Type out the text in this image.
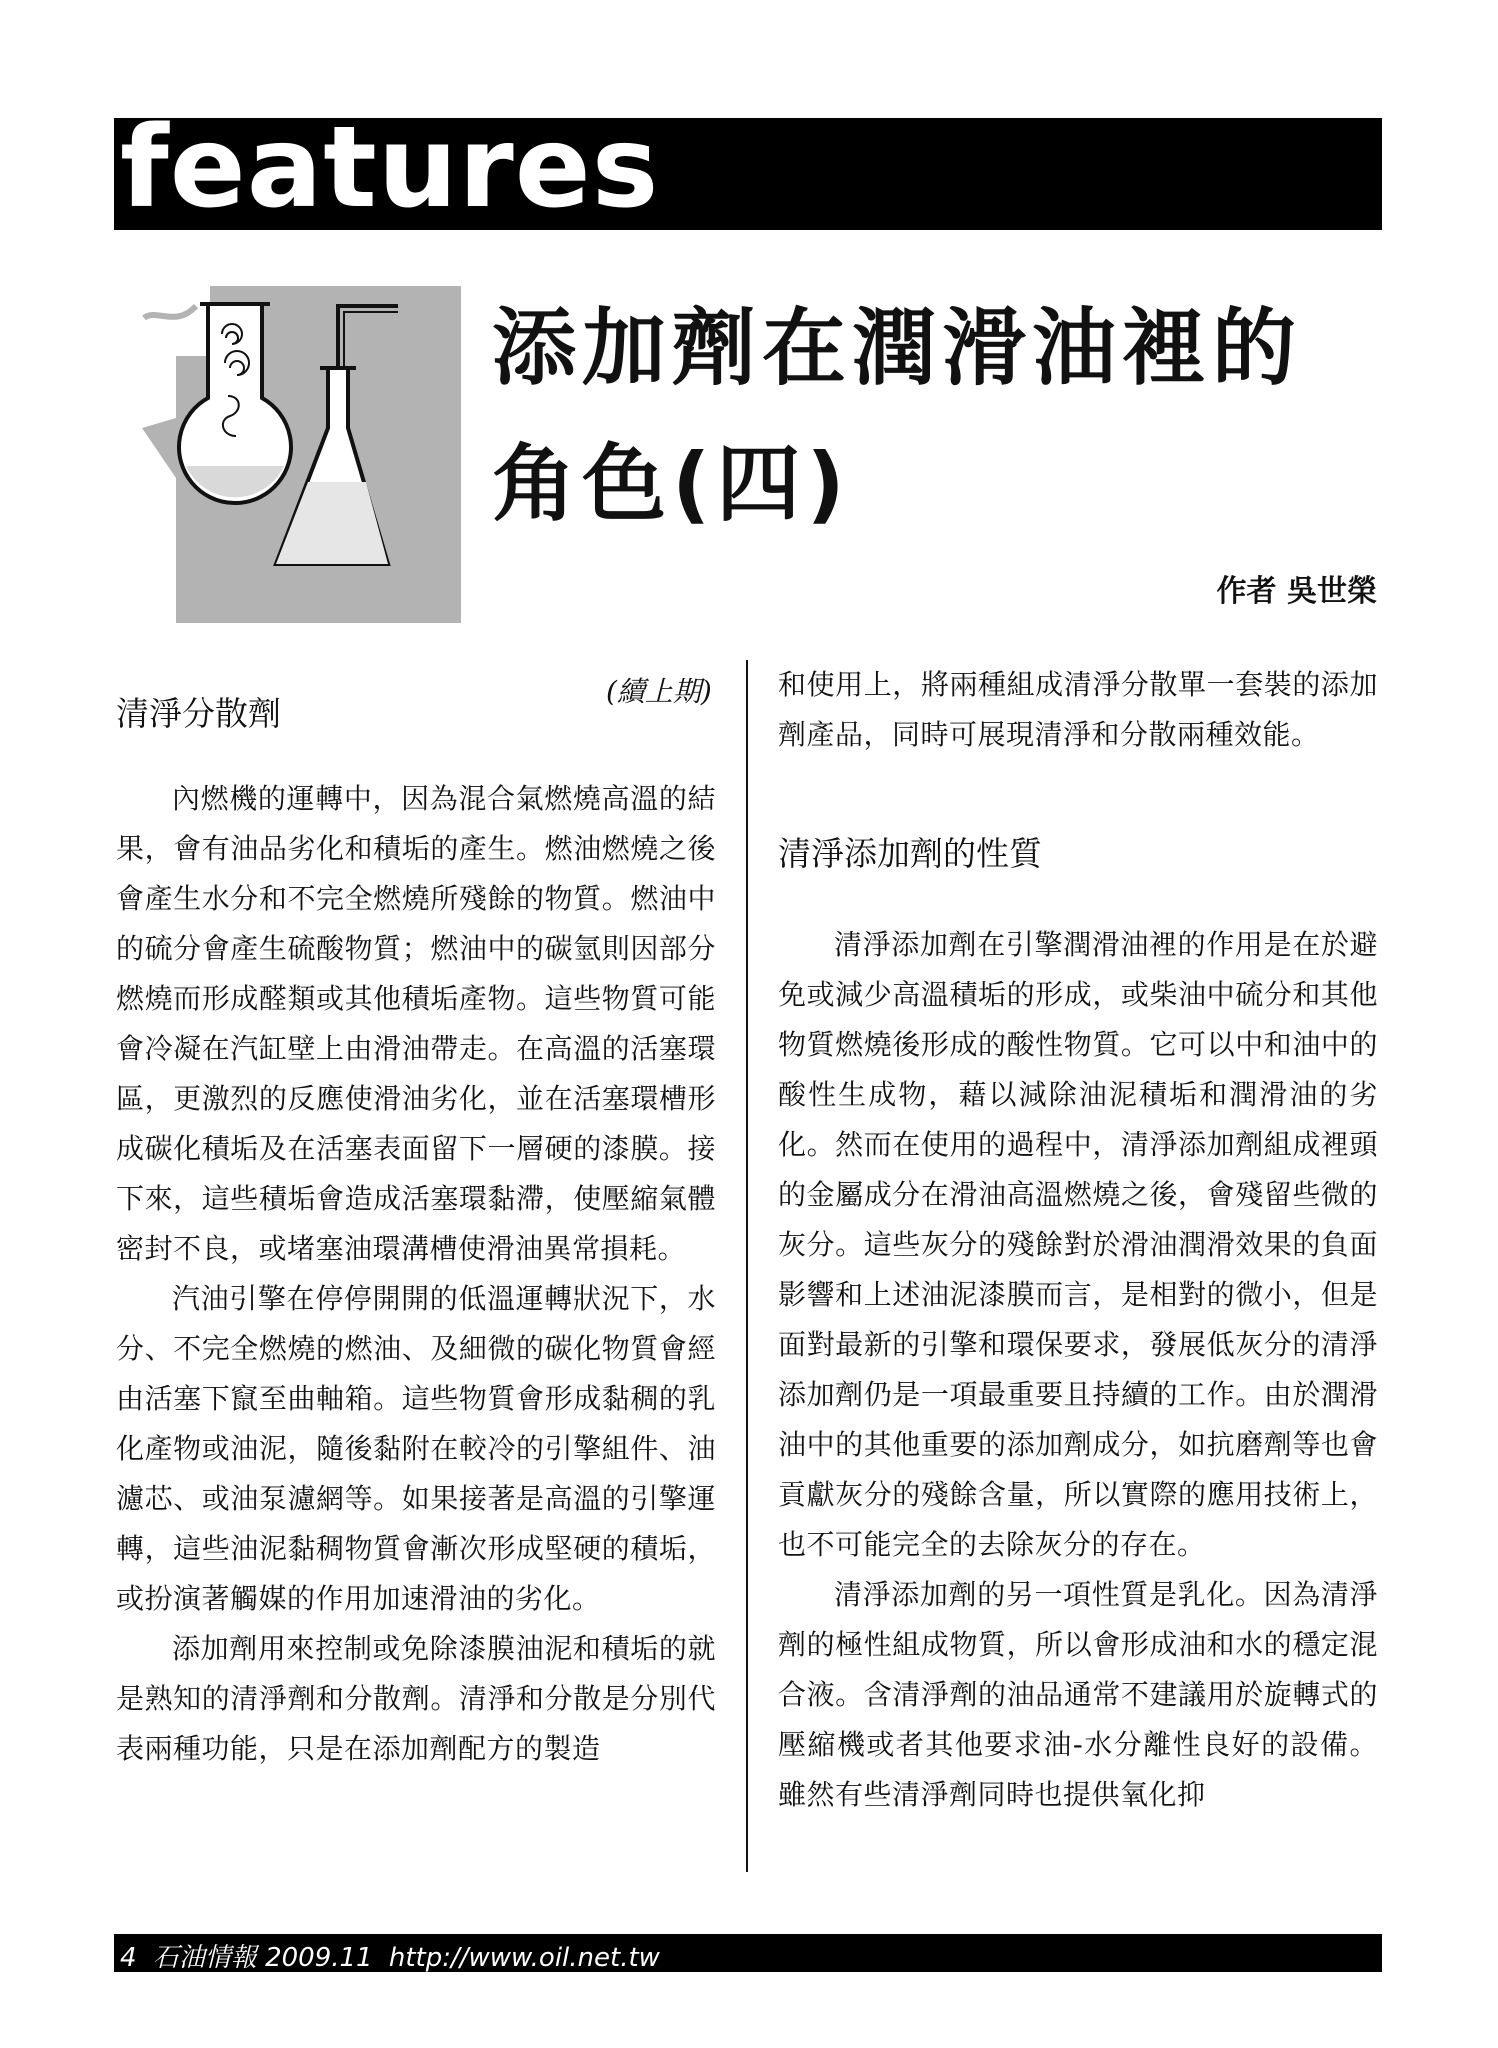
features
添加劑在潤滑油裡的
角色(四)
作者 吳世榮
(續上期)
清淨分散劑

內燃機的運轉中，因為混合氣燃燒高溫的結果，會有油品劣化和積垢的產生。燃油燃燒之後會產生水分和不完全燃燒所殘餘的物質。燃油中的硫分會產生硫酸物質；燃油中的碳氫則因部分燃燒而形成醛類或其他積垢產物。這些物質可能會冷凝在汽缸壁上由滑油帶走。在高溫的活塞環區，更激烈的反應使滑油劣化，並在活塞環槽形成碳化積垢及在活塞表面留下一層硬的漆膜。接下來，這些積垢會造成活塞環黏滯，使壓縮氣體密封不良，或堵塞油環溝槽使滑油異常損耗。

汽油引擎在停停開開的低溫運轉狀況下，水分、不完全燃燒的燃油、及細微的碳化物質會經由活塞下竄至曲軸箱。這些物質會形成黏稠的乳化產物或油泥，隨後黏附在較冷的引擎組件、油濾芯、或油泵濾網等。如果接著是高溫的引擎運轉，這些油泥黏稠物質會漸次形成堅硬的積垢，或扮演著觸媒的作用加速滑油的劣化。

添加劑用來控制或免除漆膜油泥和積垢的就是熟知的清淨劑和分散劑。清淨和分散是分別代表兩種功能，只是在添加劑配方的製造

和使用上，將兩種組成清淨分散單一套裝的添加劑產品，同時可展現清淨和分散兩種效能。

清淨添加劑的性質

清淨添加劑在引擎潤滑油裡的作用是在於避免或減少高溫積垢的形成，或柴油中硫分和其他物質燃燒後形成的酸性物質。它可以中和油中的酸性生成物，藉以減除油泥積垢和潤滑油的劣化。然而在使用的過程中，清淨添加劑組成裡頭的金屬成分在滑油高溫燃燒之後，會殘留些微的灰分。這些灰分的殘餘對於滑油潤滑效果的負面影響和上述油泥漆膜而言，是相對的微小，但是面對最新的引擎和環保要求，發展低灰分的清淨添加劑仍是一項最重要且持續的工作。由於潤滑油中的其他重要的添加劑成分，如抗磨劑等也會貢獻灰分的殘餘含量，所以實際的應用技術上，也不可能完全的去除灰分的存在。

清淨添加劑的另一項性質是乳化。因為清淨劑的極性組成物質，所以會形成油和水的穩定混合液。含清淨劑的油品通常不建議用於旋轉式的壓縮機或者其他要求油-水分離性良好的設備。雖然有些清淨劑同時也提供氧化抑

4 石油情報 2009.11 http://www.oil.net.tw
